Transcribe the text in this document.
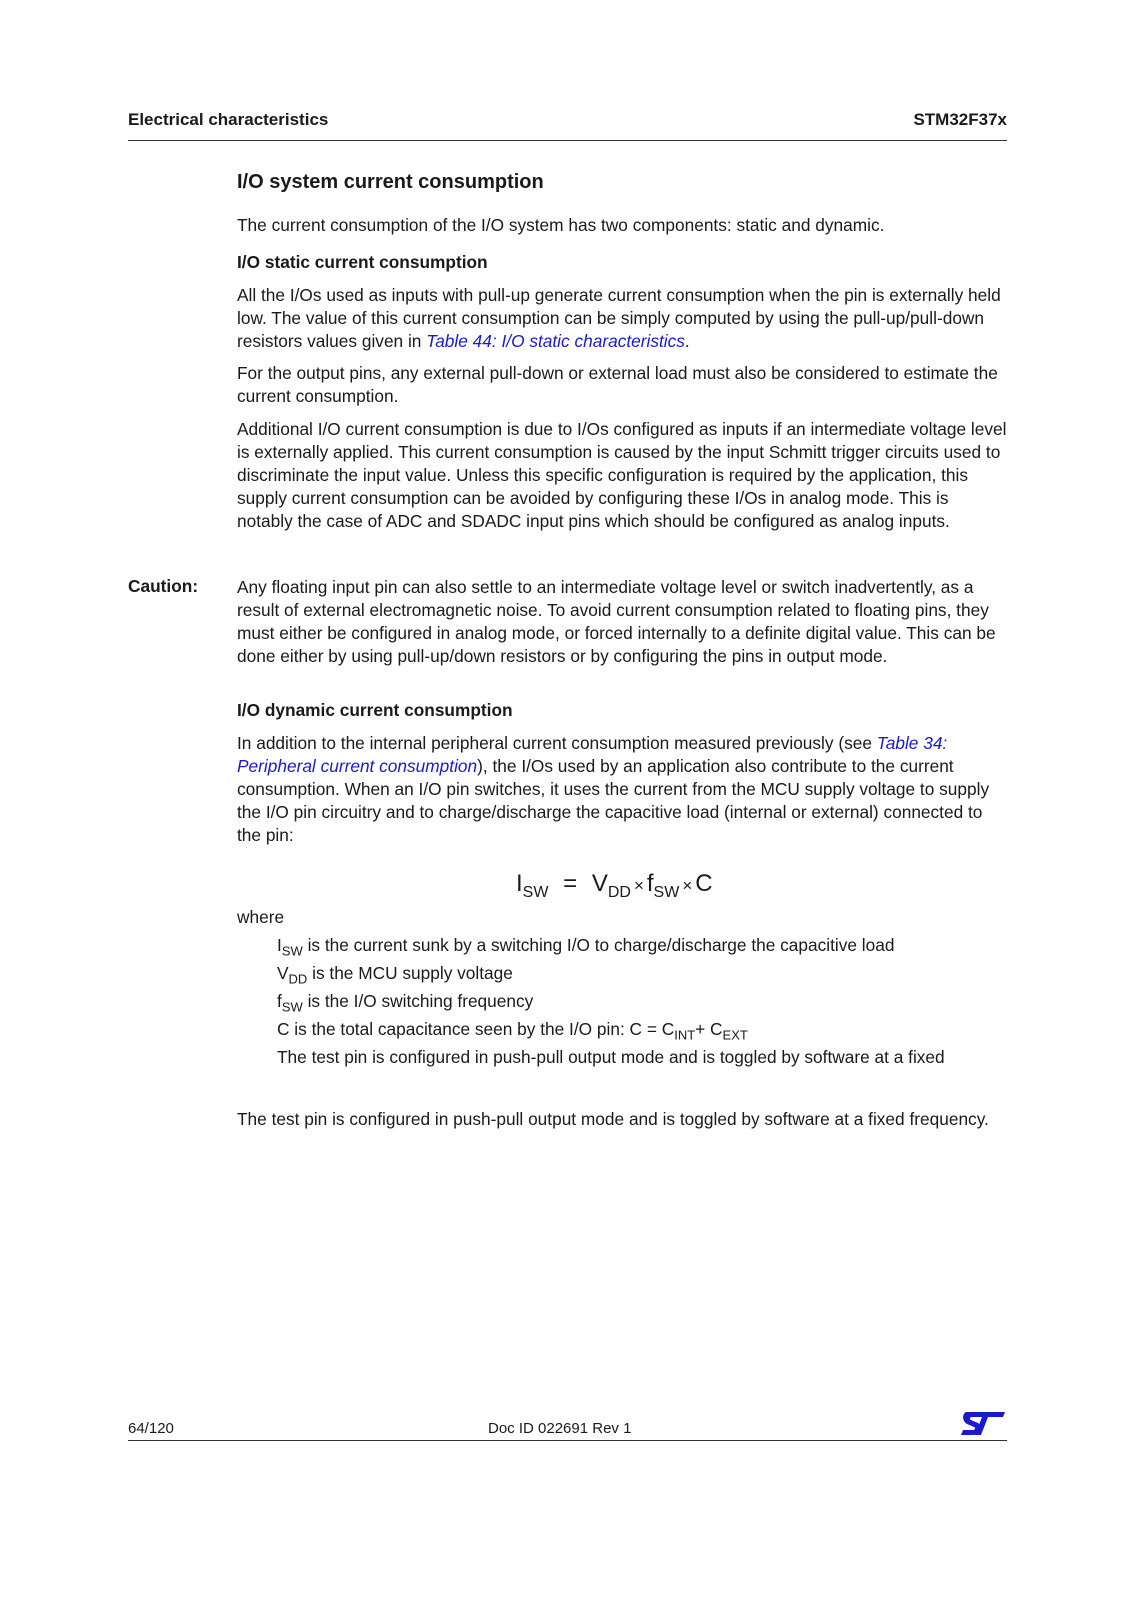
Electrical characteristics	STM32F37x
I/O system current consumption

The current consumption of the I/O system has two components: static and dynamic.

I/O static current consumption

All the I/Os used as inputs with pull-up generate current consumption when the pin is externally held low. The value of this current consumption can be simply computed by using the pull-up/pull-down resistors values given in Table 44: I/O static characteristics.

For the output pins, any external pull-down or external load must also be considered to estimate the current consumption.

Additional I/O current consumption is due to I/Os configured as inputs if an intermediate voltage level is externally applied. This current consumption is caused by the input Schmitt trigger circuits used to discriminate the input value. Unless this specific configuration is required by the application, this supply current consumption can be avoided by configuring these I/Os in analog mode. This is notably the case of ADC and SDADC input pins which should be configured as analog inputs.

Caution: Any floating input pin can also settle to an intermediate voltage level or switch inadvertently, as a result of external electromagnetic noise. To avoid current consumption related to floating pins, they must either be configured in analog mode, or forced internally to a definite digital value. This can be done either by using pull-up/down resistors or by configuring the pins in output mode.

I/O dynamic current consumption

In addition to the internal peripheral current consumption measured previously (see Table 34: Peripheral current consumption), the I/Os used by an application also contribute to the current consumption. When an I/O pin switches, it uses the current from the MCU supply voltage to supply the I/O pin circuitry and to charge/discharge the capacitive load (internal or external) connected to the pin:

$I_{SW} = V_{DD} \times f_{SW} \times C$

where

$I_{SW}$ is the current sunk by a switching I/O to charge/discharge the capacitive load
$V_{DD}$ is the MCU supply voltage
$f_{SW}$ is the I/O switching frequency
C is the total capacitance seen by the I/O pin: $C = C_{INT}+ C_{EXT}$
The test pin is configured in push-pull output mode and is toggled by software at a fixed

The test pin is configured in push-pull output mode and is toggled by software at a fixed frequency.

64/120	Doc ID 022691 Rev 1
